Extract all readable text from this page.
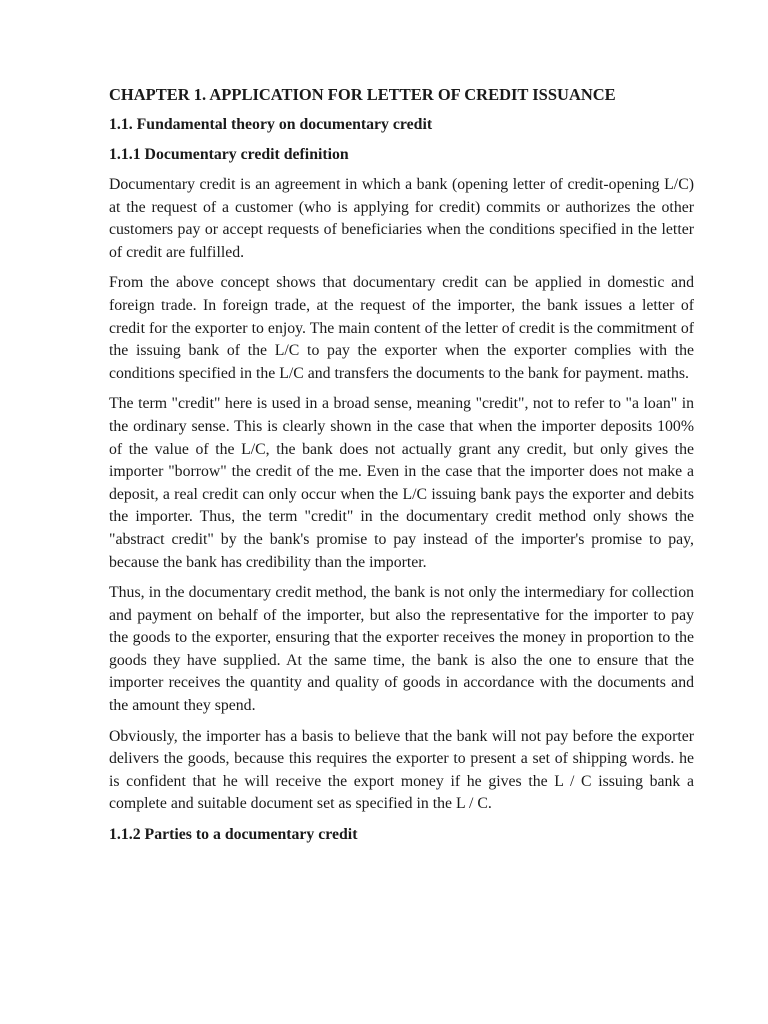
CHAPTER 1. APPLICATION FOR LETTER OF CREDIT ISSUANCE
1.1. Fundamental theory on documentary credit
1.1.1 Documentary credit definition

Documentary credit is an agreement in which a bank (opening letter of credit-opening L/C) at the request of a customer (who is applying for credit) commits or authorizes the other customers pay or accept requests of beneficiaries when the conditions specified in the letter of credit are fulfilled.

From the above concept shows that documentary credit can be applied in domestic and foreign trade. In foreign trade, at the request of the importer, the bank issues a letter of credit for the exporter to enjoy. The main content of the letter of credit is the commitment of the issuing bank of the L/C to pay the exporter when the exporter complies with the conditions specified in the L/C and transfers the documents to the bank for payment. maths.

The term "credit" here is used in a broad sense, meaning "credit", not to refer to "a loan" in the ordinary sense. This is clearly shown in the case that when the importer deposits 100% of the value of the L/C, the bank does not actually grant any credit, but only gives the importer "borrow" the credit of the me. Even in the case that the importer does not make a deposit, a real credit can only occur when the L/C issuing bank pays the exporter and debits the importer. Thus, the term "credit" in the documentary credit method only shows the "abstract credit" by the bank's promise to pay instead of the importer's promise to pay, because the bank has credibility than the importer.

Thus, in the documentary credit method, the bank is not only the intermediary for collection and payment on behalf of the importer, but also the representative for the importer to pay the goods to the exporter, ensuring that the exporter receives the money in proportion to the goods they have supplied. At the same time, the bank is also the one to ensure that the importer receives the quantity and quality of goods in accordance with the documents and the amount they spend.

Obviously, the importer has a basis to believe that the bank will not pay before the exporter delivers the goods, because this requires the exporter to present a set of shipping words. he is confident that he will receive the export money if he gives the L / C issuing bank a complete and suitable document set as specified in the L / C.

1.1.2 Parties to a documentary credit
